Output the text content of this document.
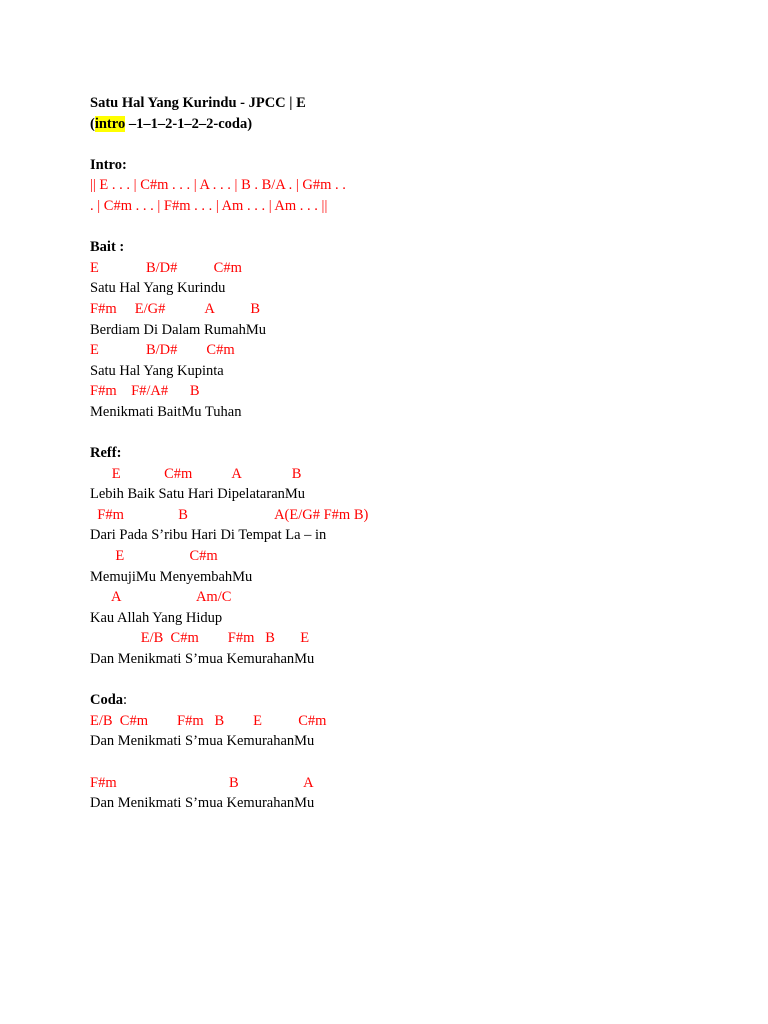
Satu Hal Yang Kurindu - JPCC | E
(intro –1–1–2-1–2–2-coda)
Intro:
|| E . . . | C#m . . . | A . . . | B . B/A . | G#m . .
. | C#m . . . | F#m . . . | Am . . . | Am . . . ||
Bait :
E             B/D#          C#m
Satu Hal Yang Kurindu
F#m     E/G#           A          B
Berdiam Di Dalam RumahMu
E             B/D#        C#m
Satu Hal Yang Kupinta
F#m    F#/A#      B
Menikmati BaitMu Tuhan
Reff:
E            C#m           A              B
Lebih Baik Satu Hari DipelataranMu
F#m               B                        A(E/G# F#m B)
Dari Pada S’ribu Hari Di Tempat La – in
E                  C#m
MemujiMu MenyembahMu
A                     Am/C
Kau Allah Yang Hidup
E/B  C#m        F#m   B       E
Dan Menikmati S’mua KemurahanMu
Coda:
E/B  C#m        F#m   B        E          C#m
Dan Menikmati S’mua KemurahanMu
F#m                               B                  A
Dan Menikmati S’mua KemurahanMu
